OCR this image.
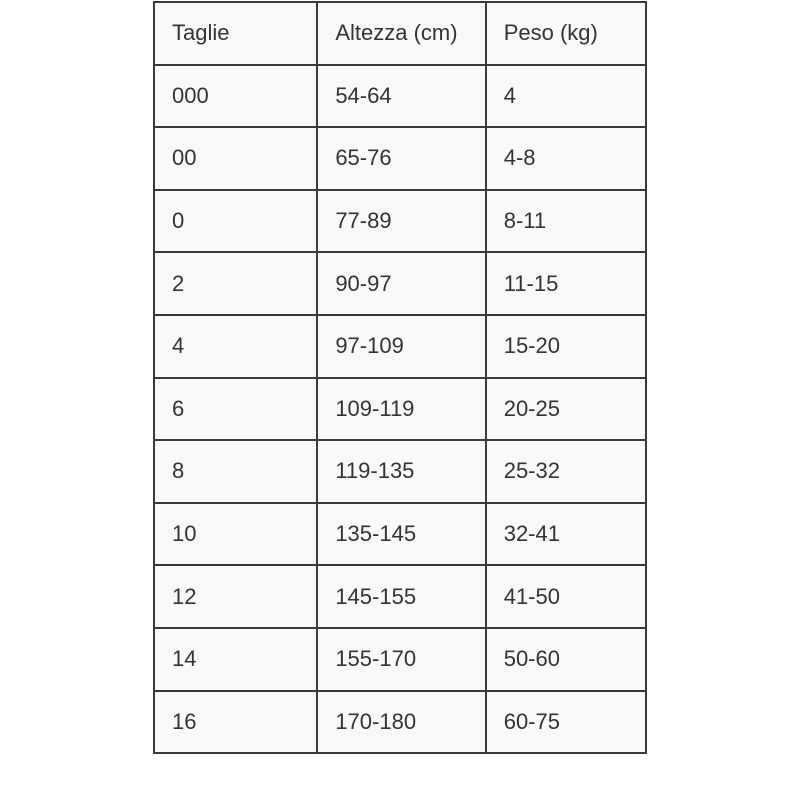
Taglie	Altezza (cm)	Peso (kg)
000	54-64	4
00	65-76	4-8
0	77-89	8-11
2	90-97	11-15
4	97-109	15-20
6	109-119	20-25
8	119-135	25-32
10	135-145	32-41
12	145-155	41-50
14	155-170	50-60
16	170-180	60-75
